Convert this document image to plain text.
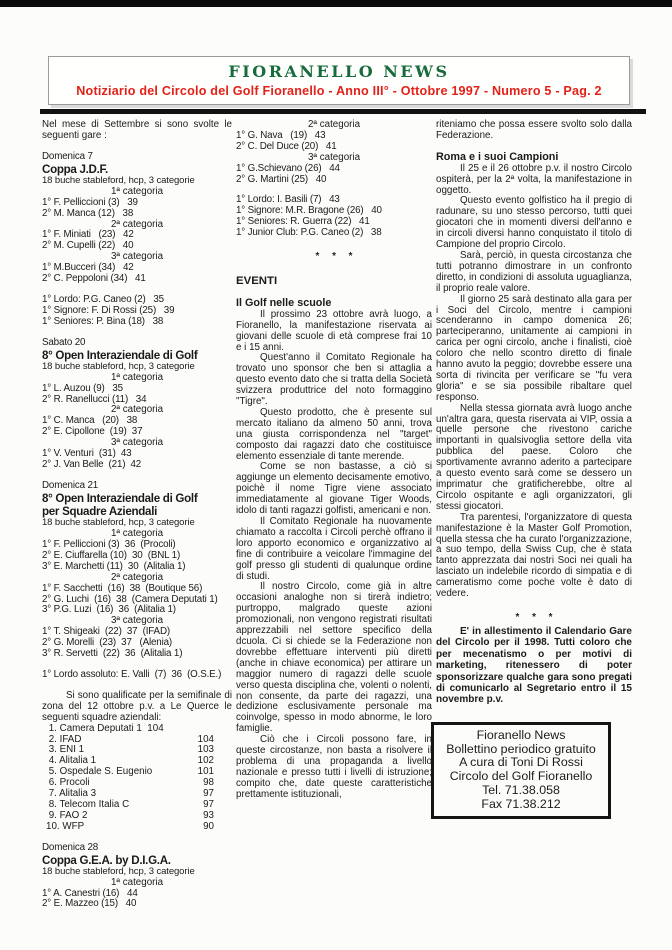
FIORANELLO NEWS
Notiziario del Circolo del Golf Fioranello - Anno III° - Ottobre 1997 - Numero 5 - Pag. 2
Nel mese di Settembre si sono svolte le seguenti gare :
Domenica 7
Coppa J.D.F.
18 buche stableford, hcp, 3 categorie
1ª categoria
1° F. Pelliccioni (3)   39
2° M. Manca (12)   38
2ª categoria
1° F. Miniati   (23)   42
2° M. Cupelli (22)   40
3ª categoria
1° M.Bucceri (34)   42
2° C. Peppoloni (34)   41
1° Lordo: P.G. Caneo (2)   35
1° Signore: F. Di Rossi (25)   39
1° Seniores: P. Bina (18)   38
Sabato 20
8° Open Interaziendale di Golf
18 buche stableford, hcp, 3 categorie
1ª categoria
1° L. Auzou (9)   35
2° R. Ranellucci (11)   34
2ª categoria
1° C. Manca   (20)   38
2° E. Cipollone  (19)  37
3ª categoria
1° V. Venturi  (31)  43
2° J. Van Belle  (21)  42
Domenica 21
8° Open Interaziendale di Golf
per Squadre Aziendali
18 buche stableford, hcp, 3 categorie
1ª categoria
1° F. Pelliccioni (3)  36  (Procoli)
2° E. Ciuffarella (10)  30  (BNL 1)
3° E. Marchetti (11)  30  (Alitalia 1)
2ª categoria
1° F. Sacchetti  (16)  38  (Boutique 56)
2° G. Luchi  (16)  38  (Camera Deputati 1)
3° P.G. Luzi  (16)  36  (Alitalia 1)
3ª categoria
1° T. Shigeaki  (22)  37  (IFAD)
2° G. Morelli  (23)  37   (Alenia)
3° R. Servetti  (22)  36  (Alitalia 1)
1° Lordo assoluto: E. Valli  (7)  36  (O.S.E.)
Si sono qualificate per la semifinale di zona del 12 ottobre p.v. a Le Querce le seguenti squadre aziendali:
1. Camera Deputati 1  104
2. IFAD	104
3. ENI 1	103
4. Alitalia 1	102
5. Ospedale S. Eugenio	101
6. Procoli	98
7. Alitalia 3	97
8. Telecom Italia C	97
9. FAO 2	93
10. WFP	90
Domenica 28
Coppa G.E.A. by D.I.G.A.
18 buche stableford, hcp, 3 categorie
1ª categoria
1° A. Canestri (16)   44
2° E. Mazzeo (15)   40
2ª categoria
1° G. Nava   (19)   43
2° C. Del Duce (20)   41
3ª categoria
1° G.Schievano (26)   44
2° G. Martini (25)   40
1° Lordo: I. Basili (7)   43
1° Signore: M.R. Bragone (26)   40
1° Seniores: R. Guerra (22)   41
1° Junior Club: P.G. Caneo (2)   38
* * *
EVENTI
Il Golf nelle scuole
Il prossimo 23 ottobre avrà luogo, a Fioranello, la manifestazione riservata ai giovani delle scuole di età comprese frai 10 e i 15 anni.
Quest'anno il Comitato Regionale ha trovato uno sponsor che ben si attaglia a questo evento dato che si tratta della Società svizzera produttrice del noto formaggino "Tigre".
Questo prodotto, che è presente sul mercato italiano da almeno 50 anni, trova una giusta corrispondenza nel "target" composto dai ragazzi dato che costituisce elemento essenziale di tante merende.
Come se non bastasse, a ciò si aggiunge un elemento decisamente emotivo, poichè il nome Tigre viene associato immediatamente al giovane Tiger Woods, idolo di tanti ragazzi golfisti, americani e non.
Il Comitato Regionale ha nuovamente chiamato a raccolta i Circoli perchè offrano il loro apporto economico e organizzativo al fine di contribuire a veicolare l'immagine del golf presso gli studenti di qualunque ordine di studi.
Il nostro Circolo, come già in altre occasioni analoghe non si tirerà indietro; purtroppo, malgrado queste azioni promozionali, non vengono registrati risultati apprezzabili nel settore specifico della dcuola. Ci si chiede se la Federazione non dovrebbe effettuare interventi più diretti (anche in chiave economica) per attirare un maggior numero di ragazzi delle scuole verso questa disciplina che, volenti o nolenti, non consente, da parte dei ragazzi, una dedizione esclusivamente personale ma coinvolge, spesso in modo abnorme, le loro famiglie.
Ciò che i Circoli possono fare, in queste circostanze, non basta a risolvere il problema di una propaganda a livello nazionale e presso tutti i livelli di istruzione; compito che, date queste caratteristiche prettamente istituzionali,
riteniamo che possa essere svolto solo dalla Federazione.
Roma e i suoi Campioni
Il 25 e il 26 ottobre p.v. il nostro Circolo ospiterà, per la 2ª volta, la manifestazione in oggetto.
Questo evento golfistico ha il pregio di radunare, su uno stesso percorso, tutti quei giocatori che in momenti diversi dell'anno e in circoli diversi hanno conquistato il titolo di Campione del proprio Circolo.
Sarà, perciò, in questa circostanza che tutti potranno dimostrare in un confronto diretto, in condizioni di assoluta uguaglianza, il proprio reale valore.
Il giorno 25 sarà destinato alla gara per i Soci del Circolo, mentre i campioni scenderanno in campo domenica 26; parteciperanno, unitamente ai campioni in carica per ogni circolo, anche i finalisti, cioè coloro che nello scontro diretto di finale hanno avuto la peggio; dovrebbe essere una sorta di rivincita per verificare se "fu vera gloria" e se sia possibile ribaltare quel responso.
Nella stessa giornata avrà luogo anche un'altra gara, questa riservata ai VIP, ossia a quelle persone che rivestono cariche importanti in qualsivoglia settore della vita pubblica del paese. Coloro che sportivamente avranno aderito a partecipare a questo evento sarà come se dessero un imprimatur che gratificherebbe, oltre al Circolo ospitante e agli organizzatori, gli stessi giocatori.
Tra parentesi, l'organizzatore di questa manifestazione è la Master Golf Promotion, quella stessa che ha curato l'organizzazione, a suo tempo, della Swiss Cup, che è stata tanto apprezzata dai nostri Soci nei quali ha lasciato un indelebile ricordo di simpatia e di cameratismo come poche volte è dato di vedere.
* * *
E' in allestimento il Calendario Gare del Circolo per il 1998. Tutti coloro che per mecenatismo o per motivi di marketing, ritenessero di poter sponsorizzare qualche gara sono pregati di comunicarlo al Segretario entro il 15 novembre p.v.
Fioranello News
Bollettino periodico gratuito
A cura di Toni Di Rossi
Circolo del Golf Fioranello
Tel. 71.38.058
Fax 71.38.212
